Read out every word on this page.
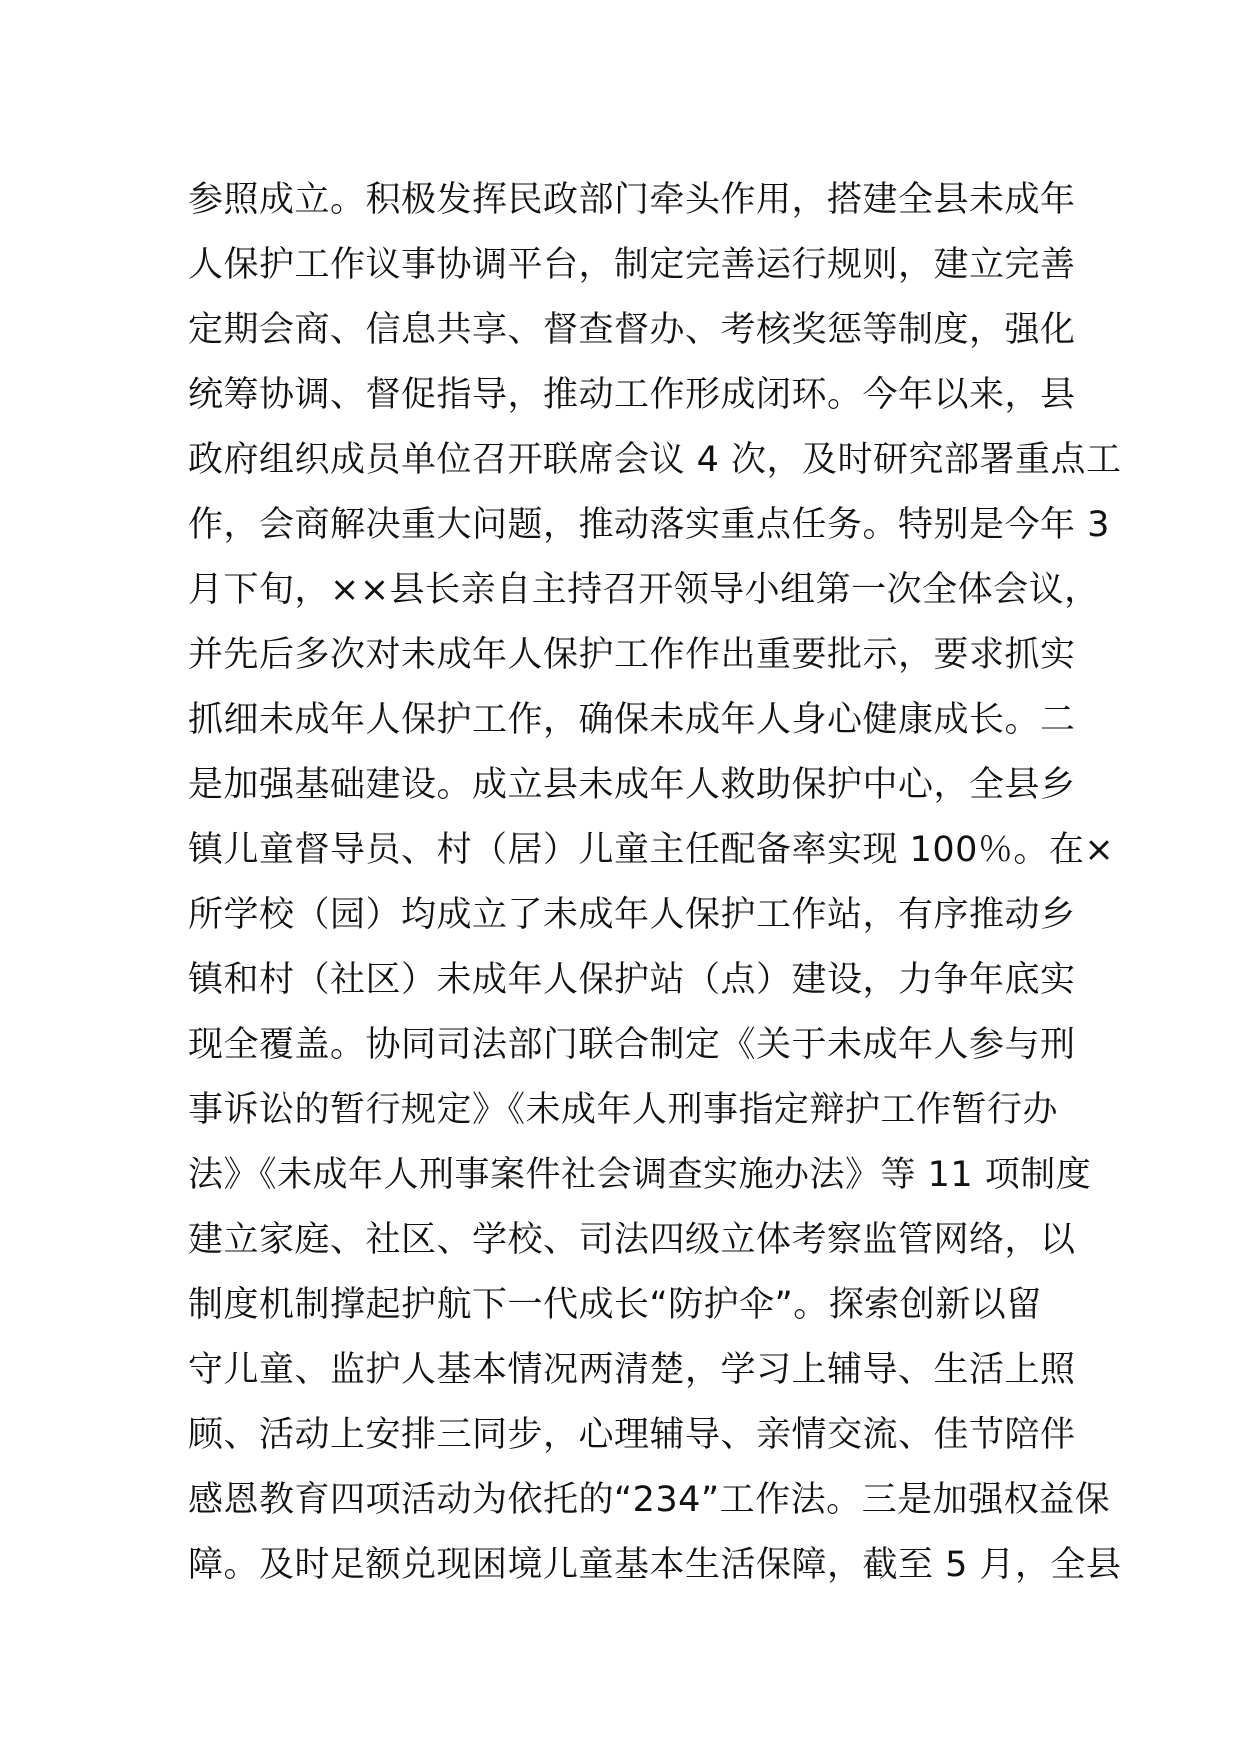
参照成立。积极发挥民政部门牵头作用，搭建全县未成年
人保护工作议事协调平台，制定完善运行规则，建立完善
定期会商、信息共享、督查督办、考核奖惩等制度，强化
统筹协调、督促指导，推动工作形成闭环。今年以来，县
政府组织成员单位召开联席会议 4 次，及时研究部署重点工
作，会商解决重大问题，推动落实重点任务。特别是今年 3
月下旬，××县长亲自主持召开领导小组第一次全体会议，
并先后多次对未成年人保护工作作出重要批示，要求抓实
抓细未成年人保护工作，确保未成年人身心健康成长。二
是加强基础建设。成立县未成年人救助保护中心，全县乡
镇儿童督导员、村（居）儿童主任配备率实现 100％。在×
所学校（园）均成立了未成年人保护工作站，有序推动乡
镇和村（社区）未成年人保护站（点）建设，力争年底实
现全覆盖。协同司法部门联合制定《关于未成年人参与刑
事诉讼的暂行规定》《未成年人刑事指定辩护工作暂行办
法》《未成年人刑事案件社会调查实施办法》等 11 项制度
建立家庭、社区、学校、司法四级立体考察监管网络，以
制度机制撑起护航下一代成长“防护伞”。探索创新以留
守儿童、监护人基本情况两清楚，学习上辅导、生活上照
顾、活动上安排三同步，心理辅导、亲情交流、佳节陪伴
感恩教育四项活动为依托的“234”工作法。三是加强权益保
障。及时足额兑现困境儿童基本生活保障，截至 5 月，全县
